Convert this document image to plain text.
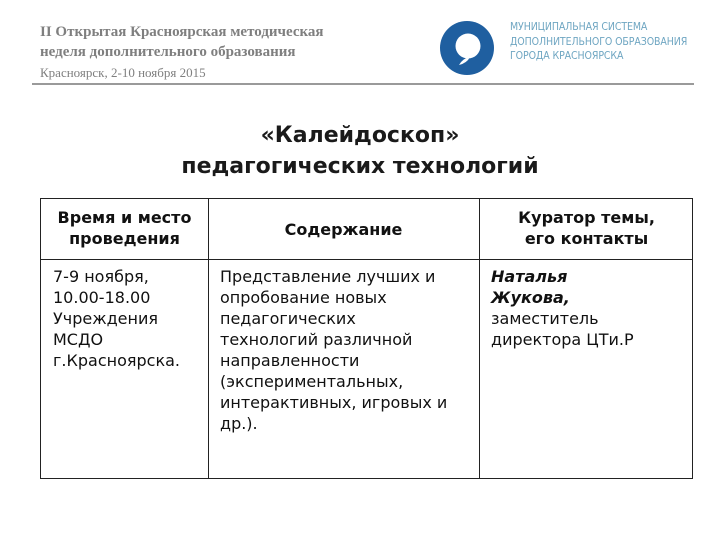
II Открытая Красноярская методическая
неделя дополнительного образования
Красноярск, 2-10 ноября 2015
МУНИЦИПАЛЬНАЯ СИСТЕМА
ДОПОЛНИТЕЛЬНОГО ОБРАЗОВАНИЯ
ГОРОДА КРАСНОЯРСКА
«Калейдоскоп»
педагогических технологий
Время и место
проведения	Содержание
Куратор темы,
его контакты
7-9 ноября,
10.00-18.00
Учреждения
МСДО
г.Красноярска.
Представление лучших и
опробование новых
педагогических
технологий различной
направленности
(экспериментальных,
интерактивных, игровых и
др.).
Наталья
Жукова,
заместитель
директора ЦТи.Р
